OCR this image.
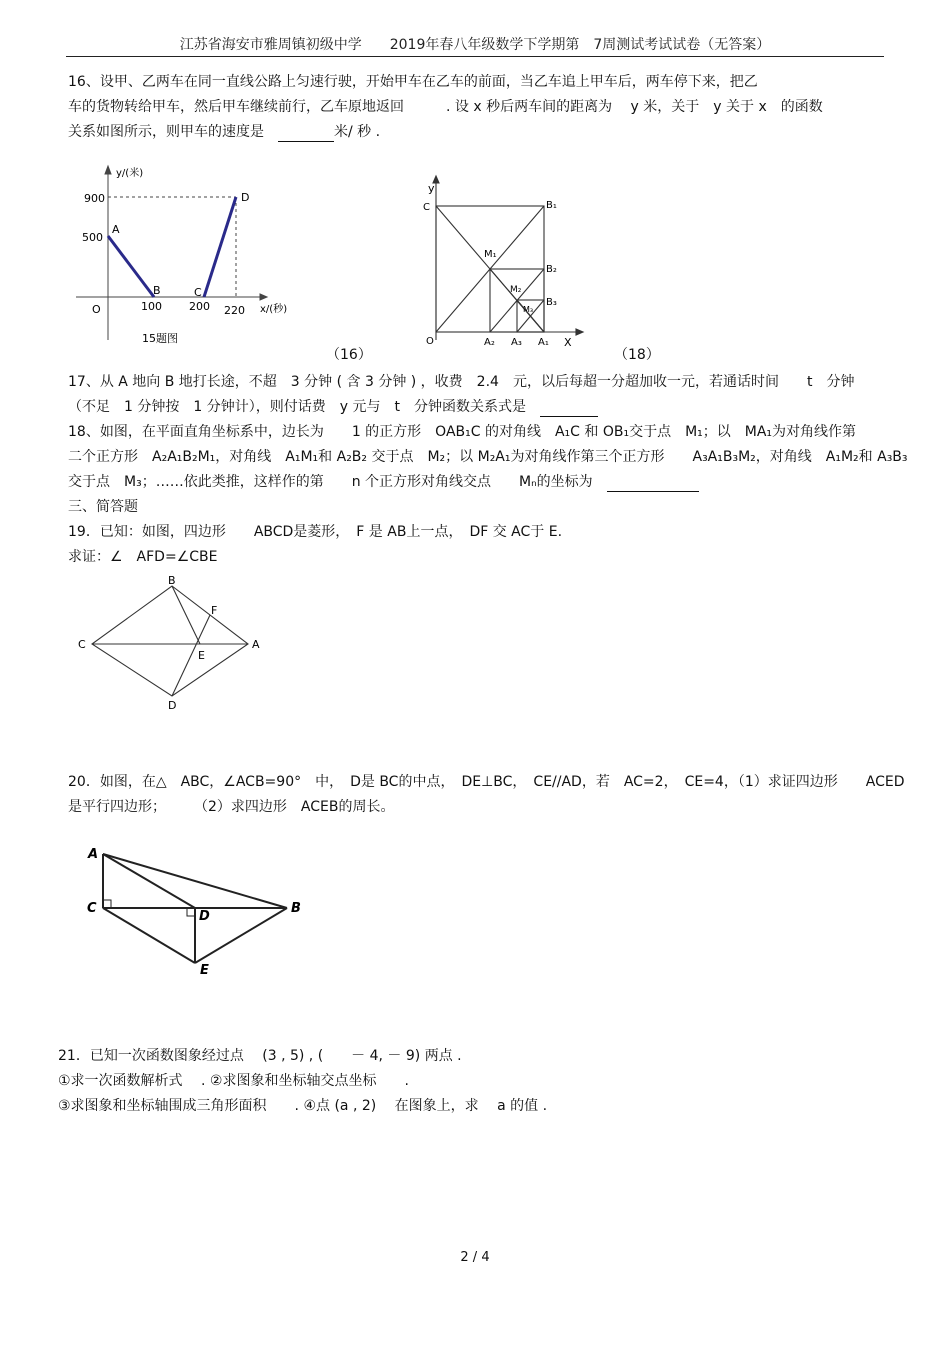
江苏省海安市雅周镇初级中学　　2019年春八年级数学下学期第　7周测试考试试卷（无答案）
16、设甲、乙两车在同一直线公路上匀速行驶，开始甲车在乙车的前面，当乙车追上甲车后，两车停下来，把乙
车的货物转给甲车，然后甲车继续前行，乙车原地返回　　　. 设 x 秒后两车间的距离为　 y 米，关于　y 关于 x　的函数
关系如图所示，则甲车的速度是　	米/ 秒 .
y/(米)
x/(秒)
O
900
500
100 200 220
A
B	C
D
15题图
（16）
y
X
O
C	B₁
M₁
B₂
M₂
B₃
M₃
A₂ A₃ A₁
（18）
17、从 A 地向 B 地打长途，不超　3 分钟 ( 含 3 分钟 ) ，收费　2.4　元，以后每超一分超加收一元，若通话时间　　t　分钟
（不足　1 分钟按　1 分钟计），则付话费　y 元与　t　分钟函数关系式是　
18、如图，在平面直角坐标系中，边长为　　1 的正方形　OAB₁C 的对角线　A₁C 和 OB₁交于点　M₁；以　MA₁为对角线作第
二个正方形　A₂A₁B₂M₁，对角线　A₁M₁和 A₂B₂ 交于点　M₂；以 M₂A₁为对角线作第三个正方形　　A₃A₁B₃M₂，对角线　A₁M₂和 A₃B₃
交于点　M₃；……依此类推，这样作的第　　n 个正方形对角线交点　　Mₙ的坐标为　
三、简答题
19．已知：如图，四边形　　ABCD是菱形，　F 是 AB上一点，　DF 交 AC于 E.
求证：∠　AFD=∠CBE
B
F
C
E
A
D
20．如图，在△　ABC，∠ACB=90°　中，　D是 BC的中点，　DE⊥BC，　CE//AD，若　AC=2，　CE=4，（1）求证四边形　　ACED
是平行四边形；　　　（2）求四边形　ACEB的周长。
A
C
D
B
E
21．已知一次函数图象经过点　 (3 , 5) , (　　－ 4, － 9) 两点 .
①求一次函数解析式　 . ②求图象和坐标轴交点坐标　　.
③求图象和坐标轴围成三角形面积　　. ④点 (a , 2)　 在图象上，求　 a 的值 .
2 / 4
